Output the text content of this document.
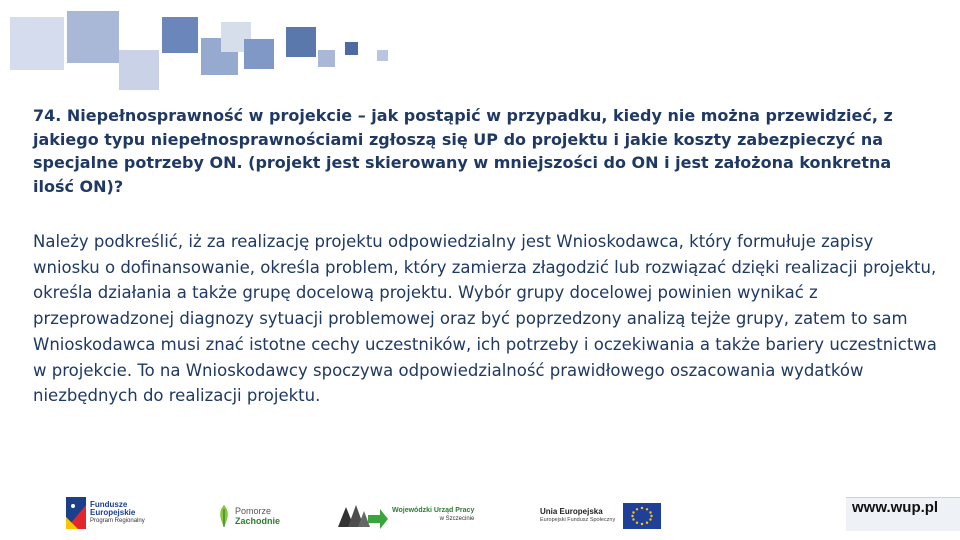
74. Niepełnosprawność w projekcie – jak postąpić w przypadku, kiedy nie można przewidzieć, z jakiego typu niepełnosprawnościami zgłoszą się UP do projektu i jakie koszty zabezpieczyć na specjalne potrzeby ON. (projekt jest skierowany w mniejszości do ON i jest założona konkretna ilość ON)?

Należy podkreślić, iż za realizację projektu odpowiedzialny jest Wnioskodawca, który formułuje zapisy wniosku o dofinansowanie, określa problem, który zamierza złagodzić lub rozwiązać dzięki realizacji projektu, określa działania a także grupę docelową projektu. Wybór grupy docelowej powinien wynikać z przeprowadzonej diagnozy sytuacji problemowej oraz być poprzedzony analizą tejże grupy, zatem to sam Wnioskodawca musi znać istotne cechy uczestników, ich potrzeby i oczekiwania a także bariery uczestnictwa w projekcie. To na Wnioskodawcy spoczywa odpowiedzialność prawidłowego oszacowania wydatków niezbędnych do realizacji projektu.

Fundusze
Europejskie
Program Regionalny
Pomorze
Zachodnie
Wojewódzki Urząd Pracy
w Szczecinie
Unia Europejska
Europejski Fundusz Społeczny
www.wup.pl
